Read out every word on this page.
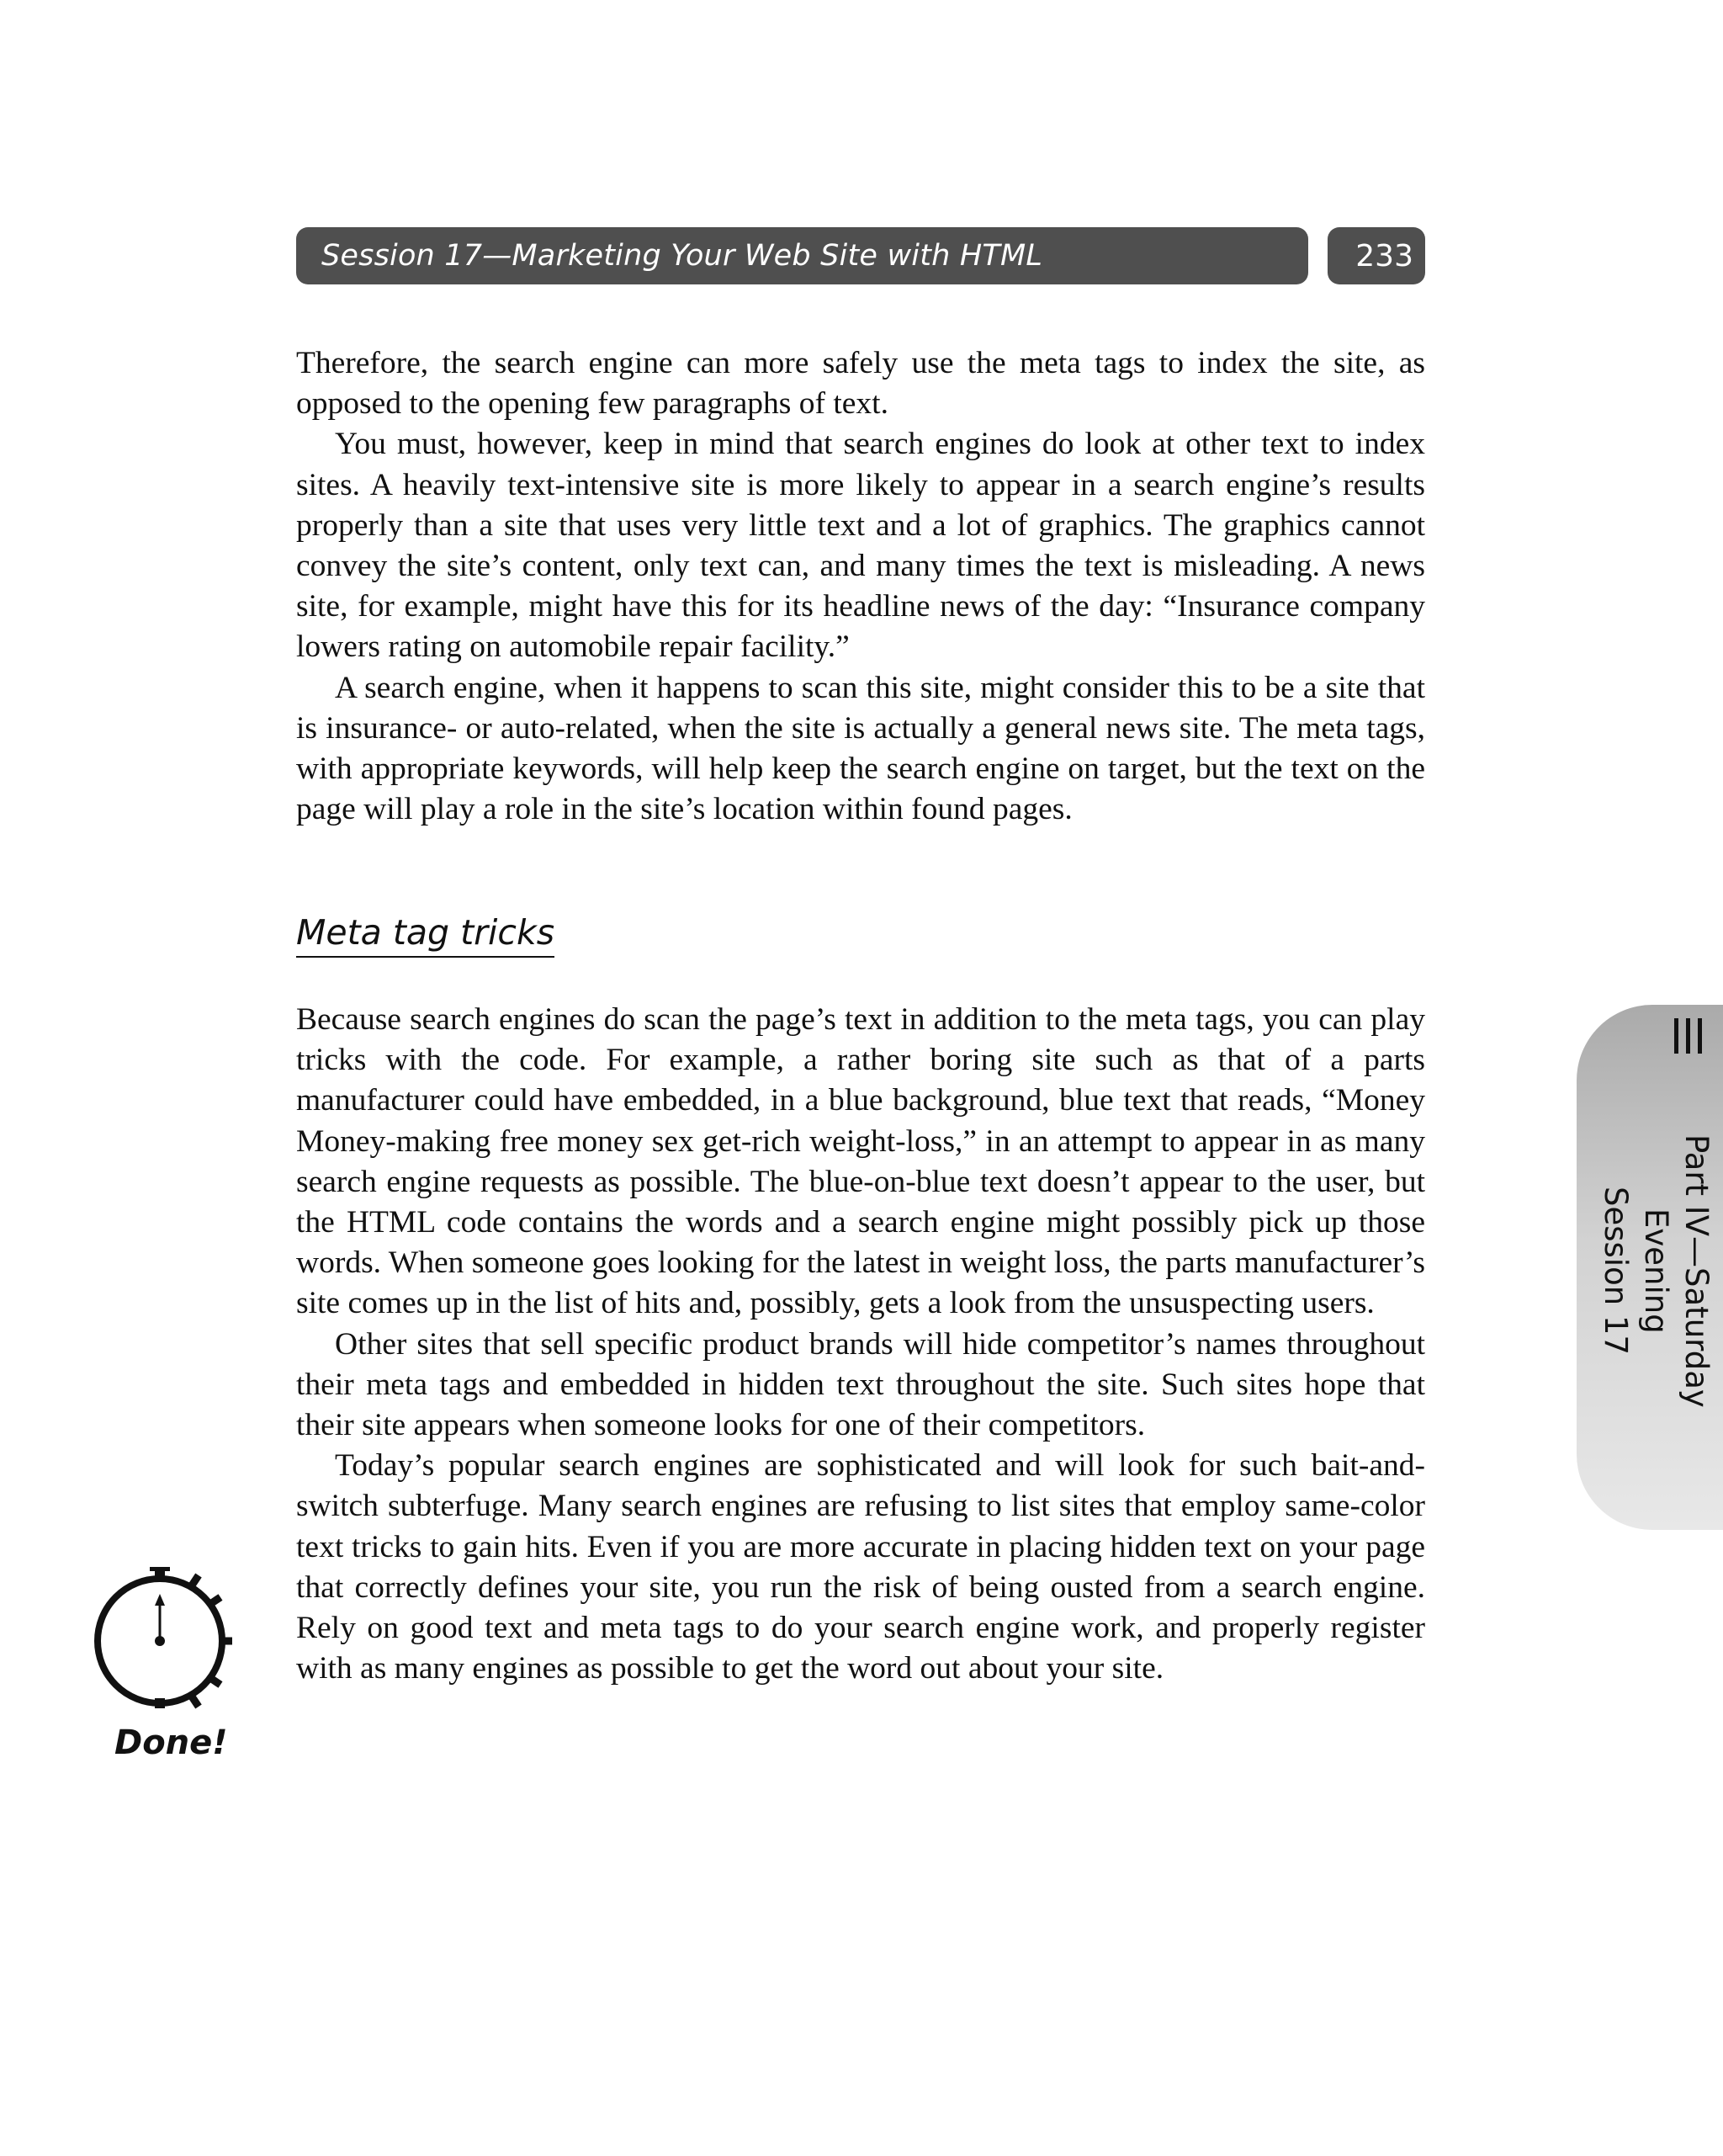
Session 17—Marketing Your Web Site with HTML	233

Therefore, the search engine can more safely use the meta tags to index the site, as opposed to the opening few paragraphs of text.

You must, however, keep in mind that search engines do look at other text to index sites. A heavily text-intensive site is more likely to appear in a search engine’s results properly than a site that uses very little text and a lot of graphics. The graphics cannot convey the site’s content, only text can, and many times the text is misleading. A news site, for example, might have this for its headline news of the day: “Insurance company lowers rating on automobile repair facility.”

A search engine, when it happens to scan this site, might consider this to be a site that is insurance- or auto-related, when the site is actually a general news site. The meta tags, with appropriate keywords, will help keep the search engine on target, but the text on the page will play a role in the site’s location within found pages.

Meta tag tricks

Because search engines do scan the page’s text in addition to the meta tags, you can play tricks with the code. For example, a rather boring site such as that of a parts manufacturer could have embedded, in a blue background, blue text that reads, “Money Money-making free money sex get-rich weight-loss,” in an attempt to appear in as many search engine requests as possible. The blue-on-blue text doesn’t appear to the user, but the HTML code contains the words and a search engine might possibly pick up those words. When someone goes looking for the latest in weight loss, the parts manufacturer’s site comes up in the list of hits and, possibly, gets a look from the unsuspecting users.

Other sites that sell specific product brands will hide competitor’s names throughout their meta tags and embedded in hidden text throughout the site. Such sites hope that their site appears when someone looks for one of their competitors.

Today’s popular search engines are sophisticated and will look for such bait-and-switch subterfuge. Many search engines are refusing to list sites that employ same-color text tricks to gain hits. Even if you are more accurate in placing hidden text on your page that correctly defines your site, you run the risk of being ousted from a search engine. Rely on good text and meta tags to do your search engine work, and properly register with as many engines as possible to get the word out about your site.

Part IV—Saturday Evening
Session 17
Done!
